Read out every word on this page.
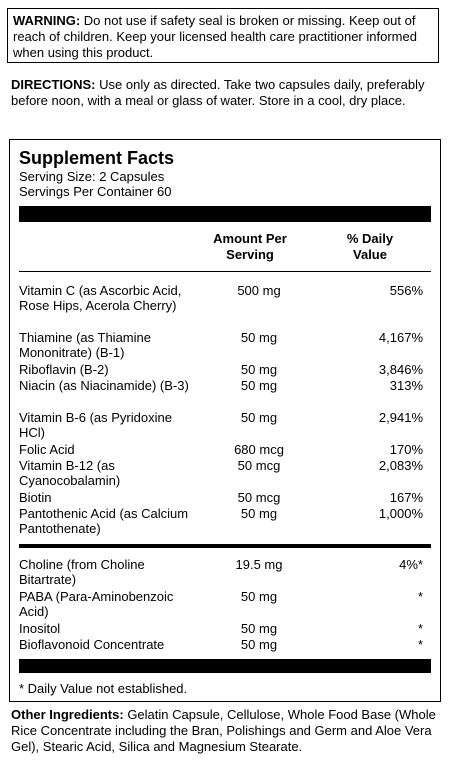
WARNING: Do not use if safety seal is broken or missing. Keep out of reach of children. Keep your licensed health care practitioner informed when using this product.
DIRECTIONS: Use only as directed. Take two capsules daily, preferably before noon, with a meal or glass of water. Store in a cool, dry place.
Supplement Facts
Serving Size: 2 Capsules
Servings Per Container 60
Amount Per Serving
% Daily Value
Vitamin C (as Ascorbic Acid, Rose Hips, Acerola Cherry)
500 mg	556%
Thiamine (as Thiamine Mononitrate) (B-1)
50 mg	4,167%
Riboflavin (B-2)	50 mg	3,846%
Niacin (as Niacinamide) (B-3)	50 mg	313%
Vitamin B-6 (as Pyridoxine HCl)
50 mg	2,941%
Folic Acid	680 mcg	170%
Vitamin B-12 (as Cyanocobalamin)
50 mcg	2,083%
Biotin	50 mcg	167%
Pantothenic Acid (as Calcium Pantothenate)
50 mg	1,000%
Choline (from Choline Bitartrate)
19.5 mg	4%*
PABA (Para-Aminobenzoic Acid)
50 mg	*
Inositol	50 mg	*
Bioflavonoid Concentrate	50 mg	*
* Daily Value not established.
Other Ingredients: Gelatin Capsule, Cellulose, Whole Food Base (Whole Rice Concentrate including the Bran, Polishings and Germ and Aloe Vera Gel), Stearic Acid, Silica and Magnesium Stearate.
